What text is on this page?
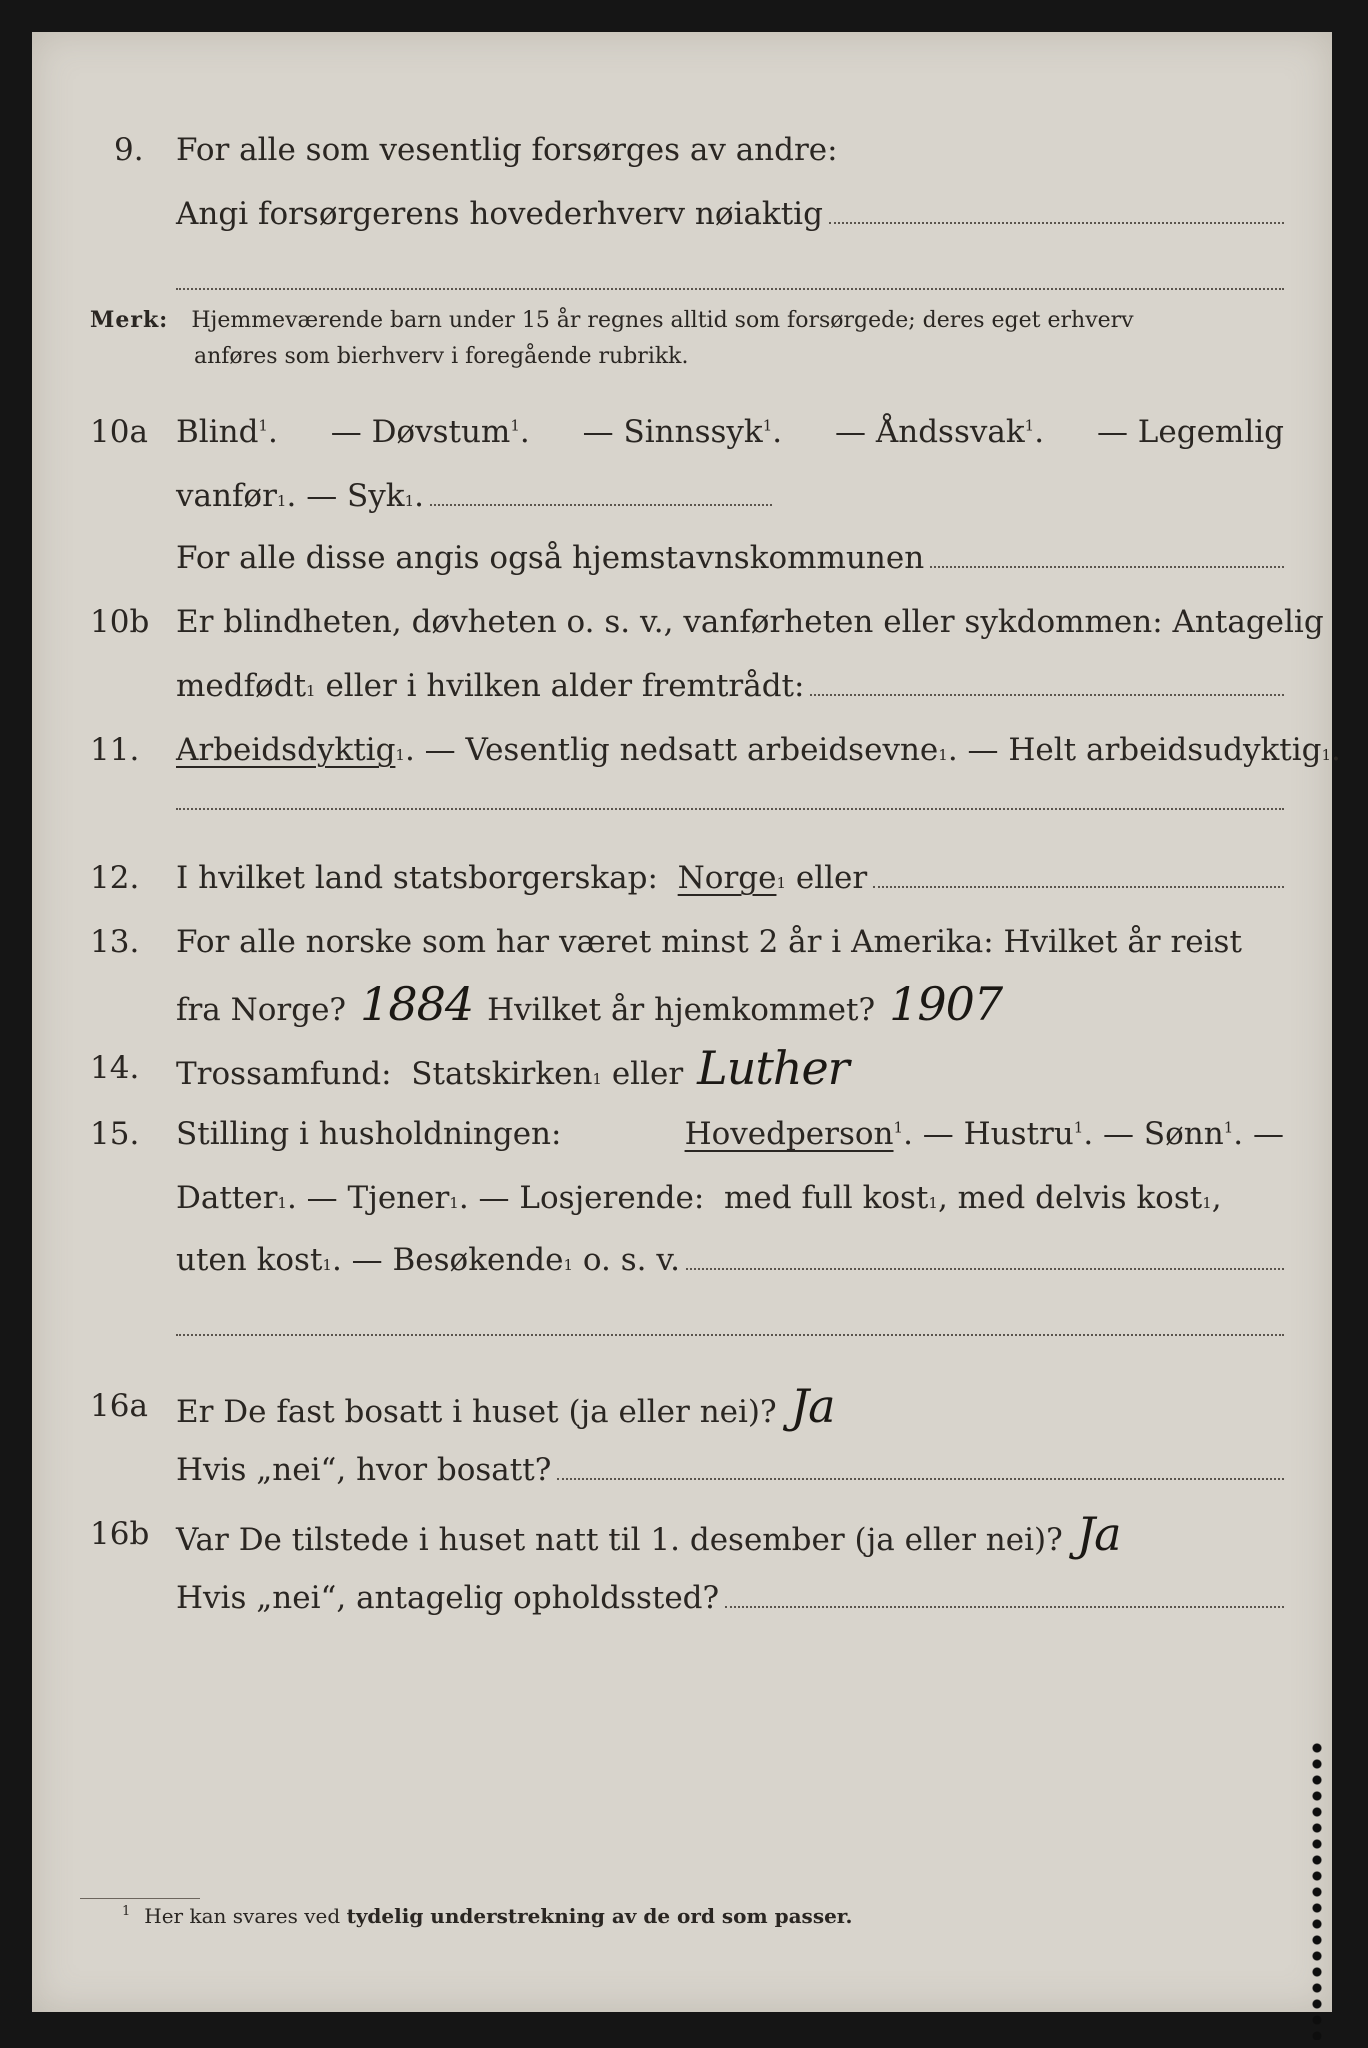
9. For alle som vesentlig forsørges av andre:
Angi forsørgerens hovederhverv nøiaktig
Merk: Hjemmeværende barn under 15 år regnes alltid som forsørgede; deres eget erhverv
anføres som bierhverv i foregående rubrikk.
10a Blind$^1$. — Døvstum$^1$. — Sinnssyk$^1$. — Åndssvak$^1$. — Legemlig
vanfør 1 . — Syk 1 .
For alle disse angis også hjemstavnskommunen
10b Er blindheten, døvheten o. s. v., vanførheten eller sykdommen: Antagelig
medfødt 1
eller i hvilken alder fremtrådt:
11. Arbeidsdyktig 1 . — Vesentlig nedsatt arbeidsevne 1 . — Helt arbeidsudyktig 1 .
12. I hvilket land statsborgerskap:
Norge 1
eller
13. For alle norske som har været minst 2 år i Amerika: Hvilket år reist
fra Norge? 1884 Hvilket år hjemkommet? 1907
14. Trossamfund:
Statskirken 1
eller Luther
15. Stilling i husholdningen:	Hovedperson$^1$. — Hustru$^1$. — Sønn$^1$. —
Datter 1 . — Tjener 1 . — Losjerende:
med full kost 1 , med delvis kost 1 ,
uten kost 1 . — Besøkende 1
o. s. v.
16a Er De fast bosatt i huset (ja eller nei)? Ja
Hvis „nei“, hvor bosatt?
16b Var De tilstede i huset natt til 1. desember (ja eller nei)? Ja
Hvis „nei“, antagelig opholdssted?
$^1$ Her kan svares ved tydelig understrekning av de ord som passer.
